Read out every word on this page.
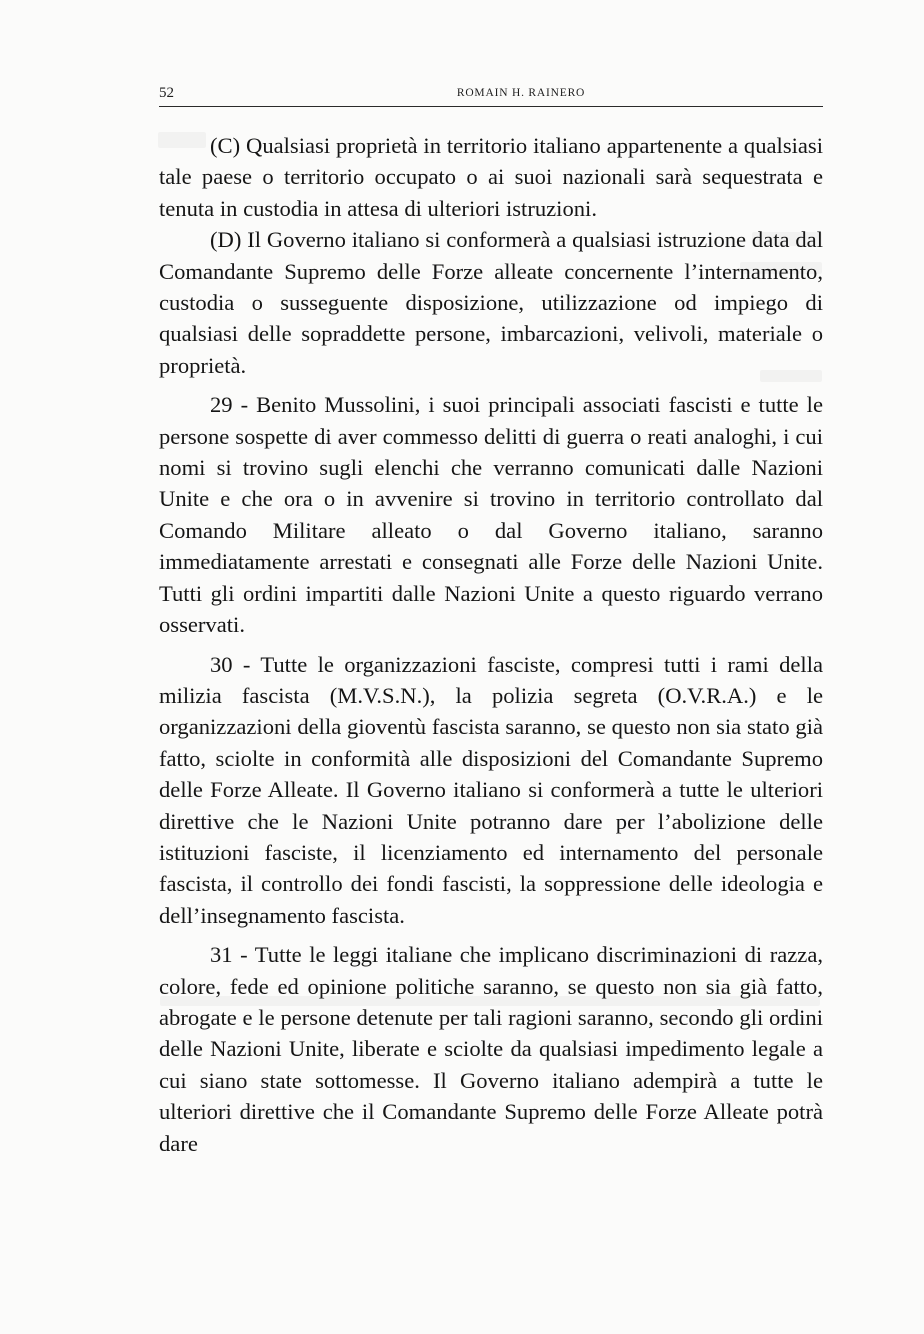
52	ROMAIN H. RAINERO

(C) Qualsiasi proprietà in territorio italiano appartenente a qualsiasi tale paese o territorio occupato o ai suoi nazionali sarà sequestrata e tenuta in custodia in attesa di ulteriori istruzioni.

(D) Il Governo italiano si conformerà a qualsiasi istruzione data dal Comandante Supremo delle Forze alleate concernente l’internamento, custodia o susseguente disposizione, utilizzazione od impiego di qualsiasi delle sopraddette persone, imbarcazioni, velivoli, materiale o proprietà.

29 - Benito Mussolini, i suoi principali associati fascisti e tutte le persone sospette di aver commesso delitti di guerra o reati analoghi, i cui nomi si trovino sugli elenchi che verranno comunicati dalle Nazioni Unite e che ora o in avvenire si trovino in territorio controllato dal Comando Militare alleato o dal Governo italiano, saranno immediatamente arrestati e consegnati alle Forze delle Nazioni Unite. Tutti gli ordini impartiti dalle Nazioni Unite a questo riguardo verrano osservati.

30 - Tutte le organizzazioni fasciste, compresi tutti i rami della milizia fascista (M.V.S.N.), la polizia segreta (O.V.R.A.) e le organizzazioni della gioventù fascista saranno, se questo non sia stato già fatto, sciolte in conformità alle disposizioni del Comandante Supremo delle Forze Alleate. Il Governo italiano si conformerà a tutte le ulteriori direttive che le Nazioni Unite potranno dare per l’abolizione delle istituzioni fasciste, il licenziamento ed internamento del personale fascista, il controllo dei fondi fascisti, la soppressione delle ideologia e dell’insegnamento fascista.

31 - Tutte le leggi italiane che implicano discriminazioni di razza, colore, fede ed opinione politiche saranno, se questo non sia già fatto, abrogate e le persone detenute per tali ragioni saranno, secondo gli ordini delle Nazioni Unite, liberate e sciolte da qualsiasi impedimento legale a cui siano state sottomesse. Il Governo italiano adempirà a tutte le ulteriori direttive che il Comandante Supremo delle Forze Alleate potrà dare
